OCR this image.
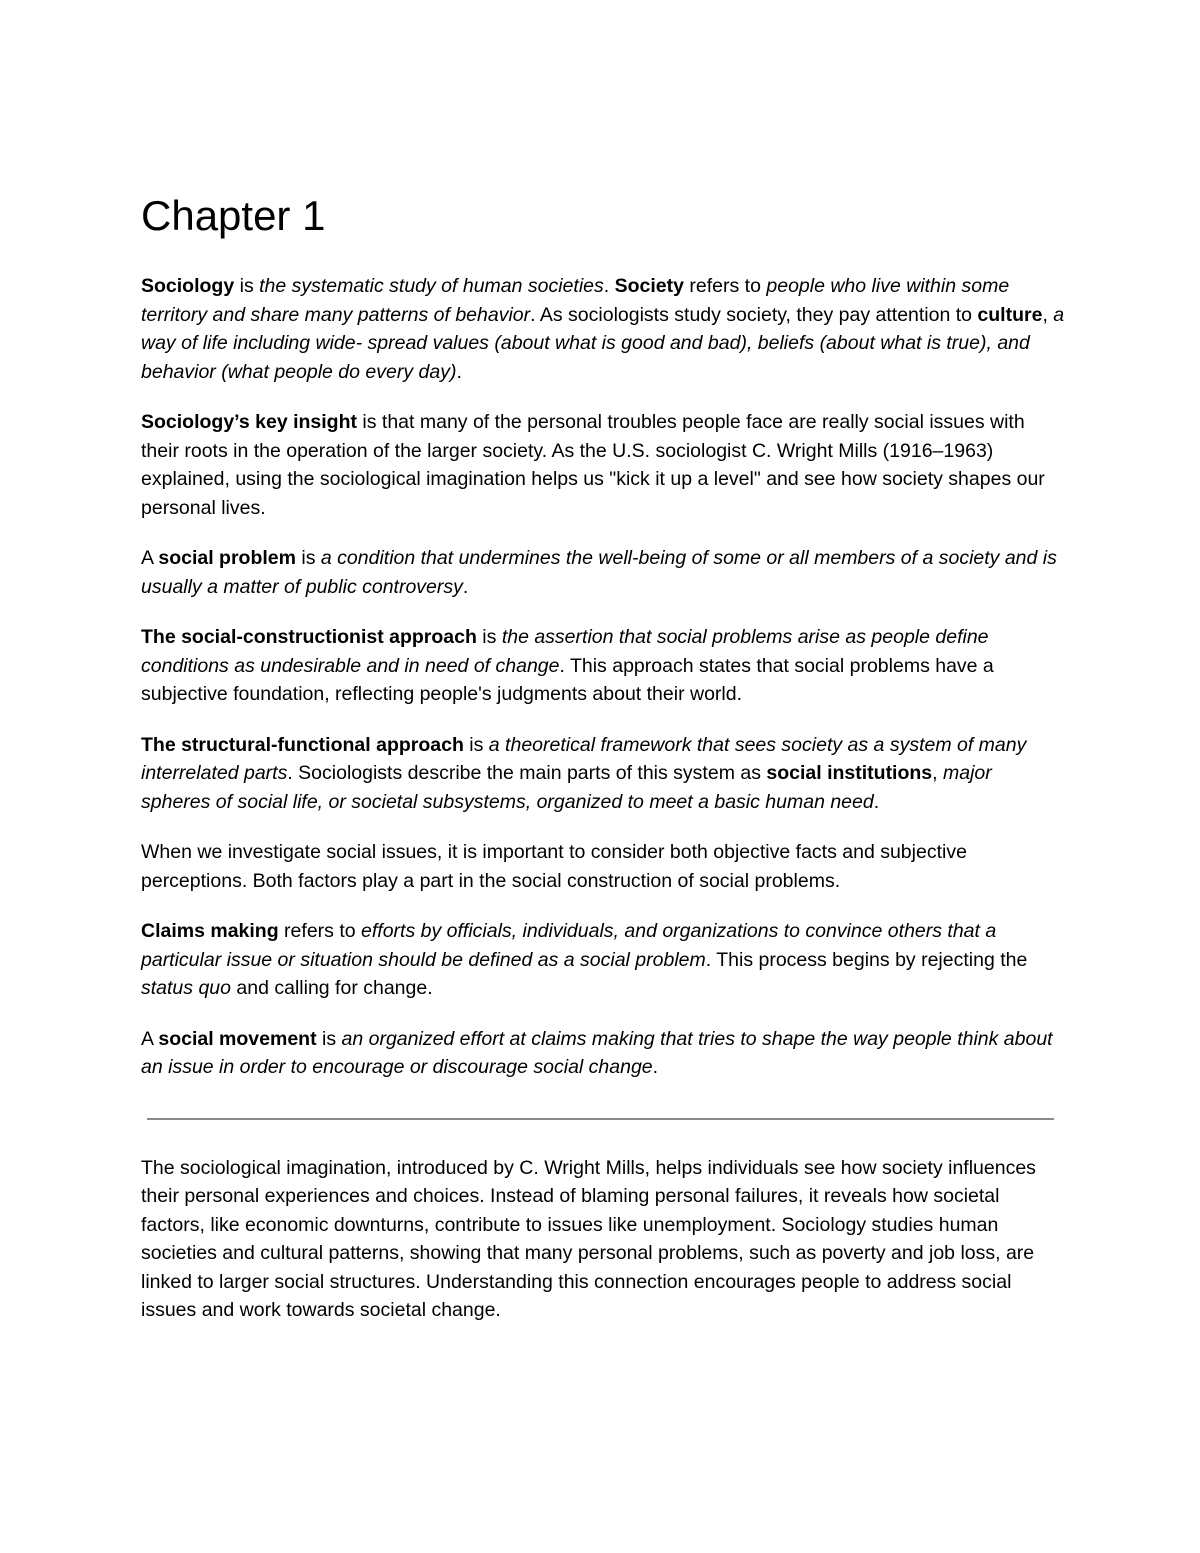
Chapter 1

Sociology is the systematic study of human societies. Society refers to people who live within some territory and share many patterns of behavior. As sociologists study society, they pay attention to culture, a way of life including wide- spread values (about what is good and bad), beliefs (about what is true), and behavior (what people do every day).

Sociology’s key insight is that many of the personal troubles people face are really social issues with their roots in the operation of the larger society. As the U.S. sociologist C. Wright Mills (1916–1963) explained, using the sociological imagination helps us "kick it up a level" and see how society shapes our personal lives.

A social problem is a condition that undermines the well-being of some or all members of a society and is usually a matter of public controversy.

The social-constructionist approach is the assertion that social problems arise as people define conditions as undesirable and in need of change. This approach states that social problems have a subjective foundation, reflecting people's judgments about their world.

The structural-functional approach is a theoretical framework that sees society as a system of many interrelated parts. Sociologists describe the main parts of this system as social institutions, major spheres of social life, or societal subsystems, organized to meet a basic human need.

When we investigate social issues, it is important to consider both objective facts and subjective perceptions. Both factors play a part in the social construction of social problems.

Claims making refers to efforts by officials, individuals, and organizations to convince others that a particular issue or situation should be defined as a social problem. This process begins by rejecting the status quo and calling for change.

A social movement is an organized effort at claims making that tries to shape the way people think about an issue in order to encourage or discourage social change.

The sociological imagination, introduced by C. Wright Mills, helps individuals see how society influences their personal experiences and choices. Instead of blaming personal failures, it reveals how societal factors, like economic downturns, contribute to issues like unemployment. Sociology studies human societies and cultural patterns, showing that many personal problems, such as poverty and job loss, are linked to larger social structures. Understanding this connection encourages people to address social issues and work towards societal change.
